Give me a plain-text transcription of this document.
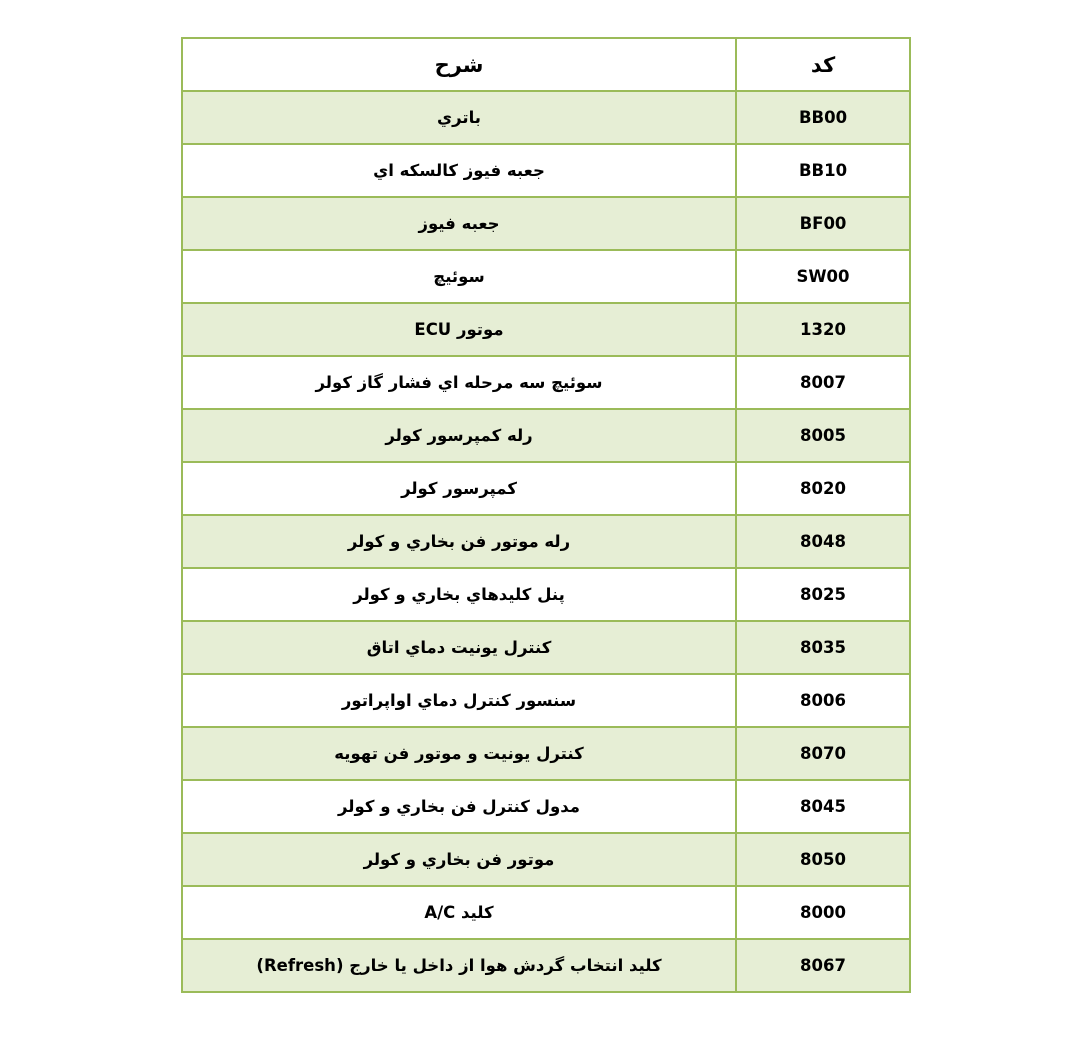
شرح	کد
باتري	BB00
جعبه فيوز کالسکه اي	BB10
جعبه فيوز	BF00
سوئيچ	SW00
ECU موتور	1320
سوئيچ سه مرحله اي فشار گاز کولر	8007
رله کمپرسور کولر	8005
کمپرسور کولر	8020
رله موتور فن بخاري و کولر	8048
پنل کليدهاي بخاري و کولر	8025
کنترل يونيت دماي اتاق	8035
سنسور کنترل دماي اواپراتور	8006
کنترل يونيت و موتور فن تهويه	8070
مدول کنترل فن بخاري و کولر	8045
موتور فن بخاري و کولر	8050
کليد A/C	8000
کليد انتخاب گردش هوا از داخل يا خارج (Refresh)	8067
